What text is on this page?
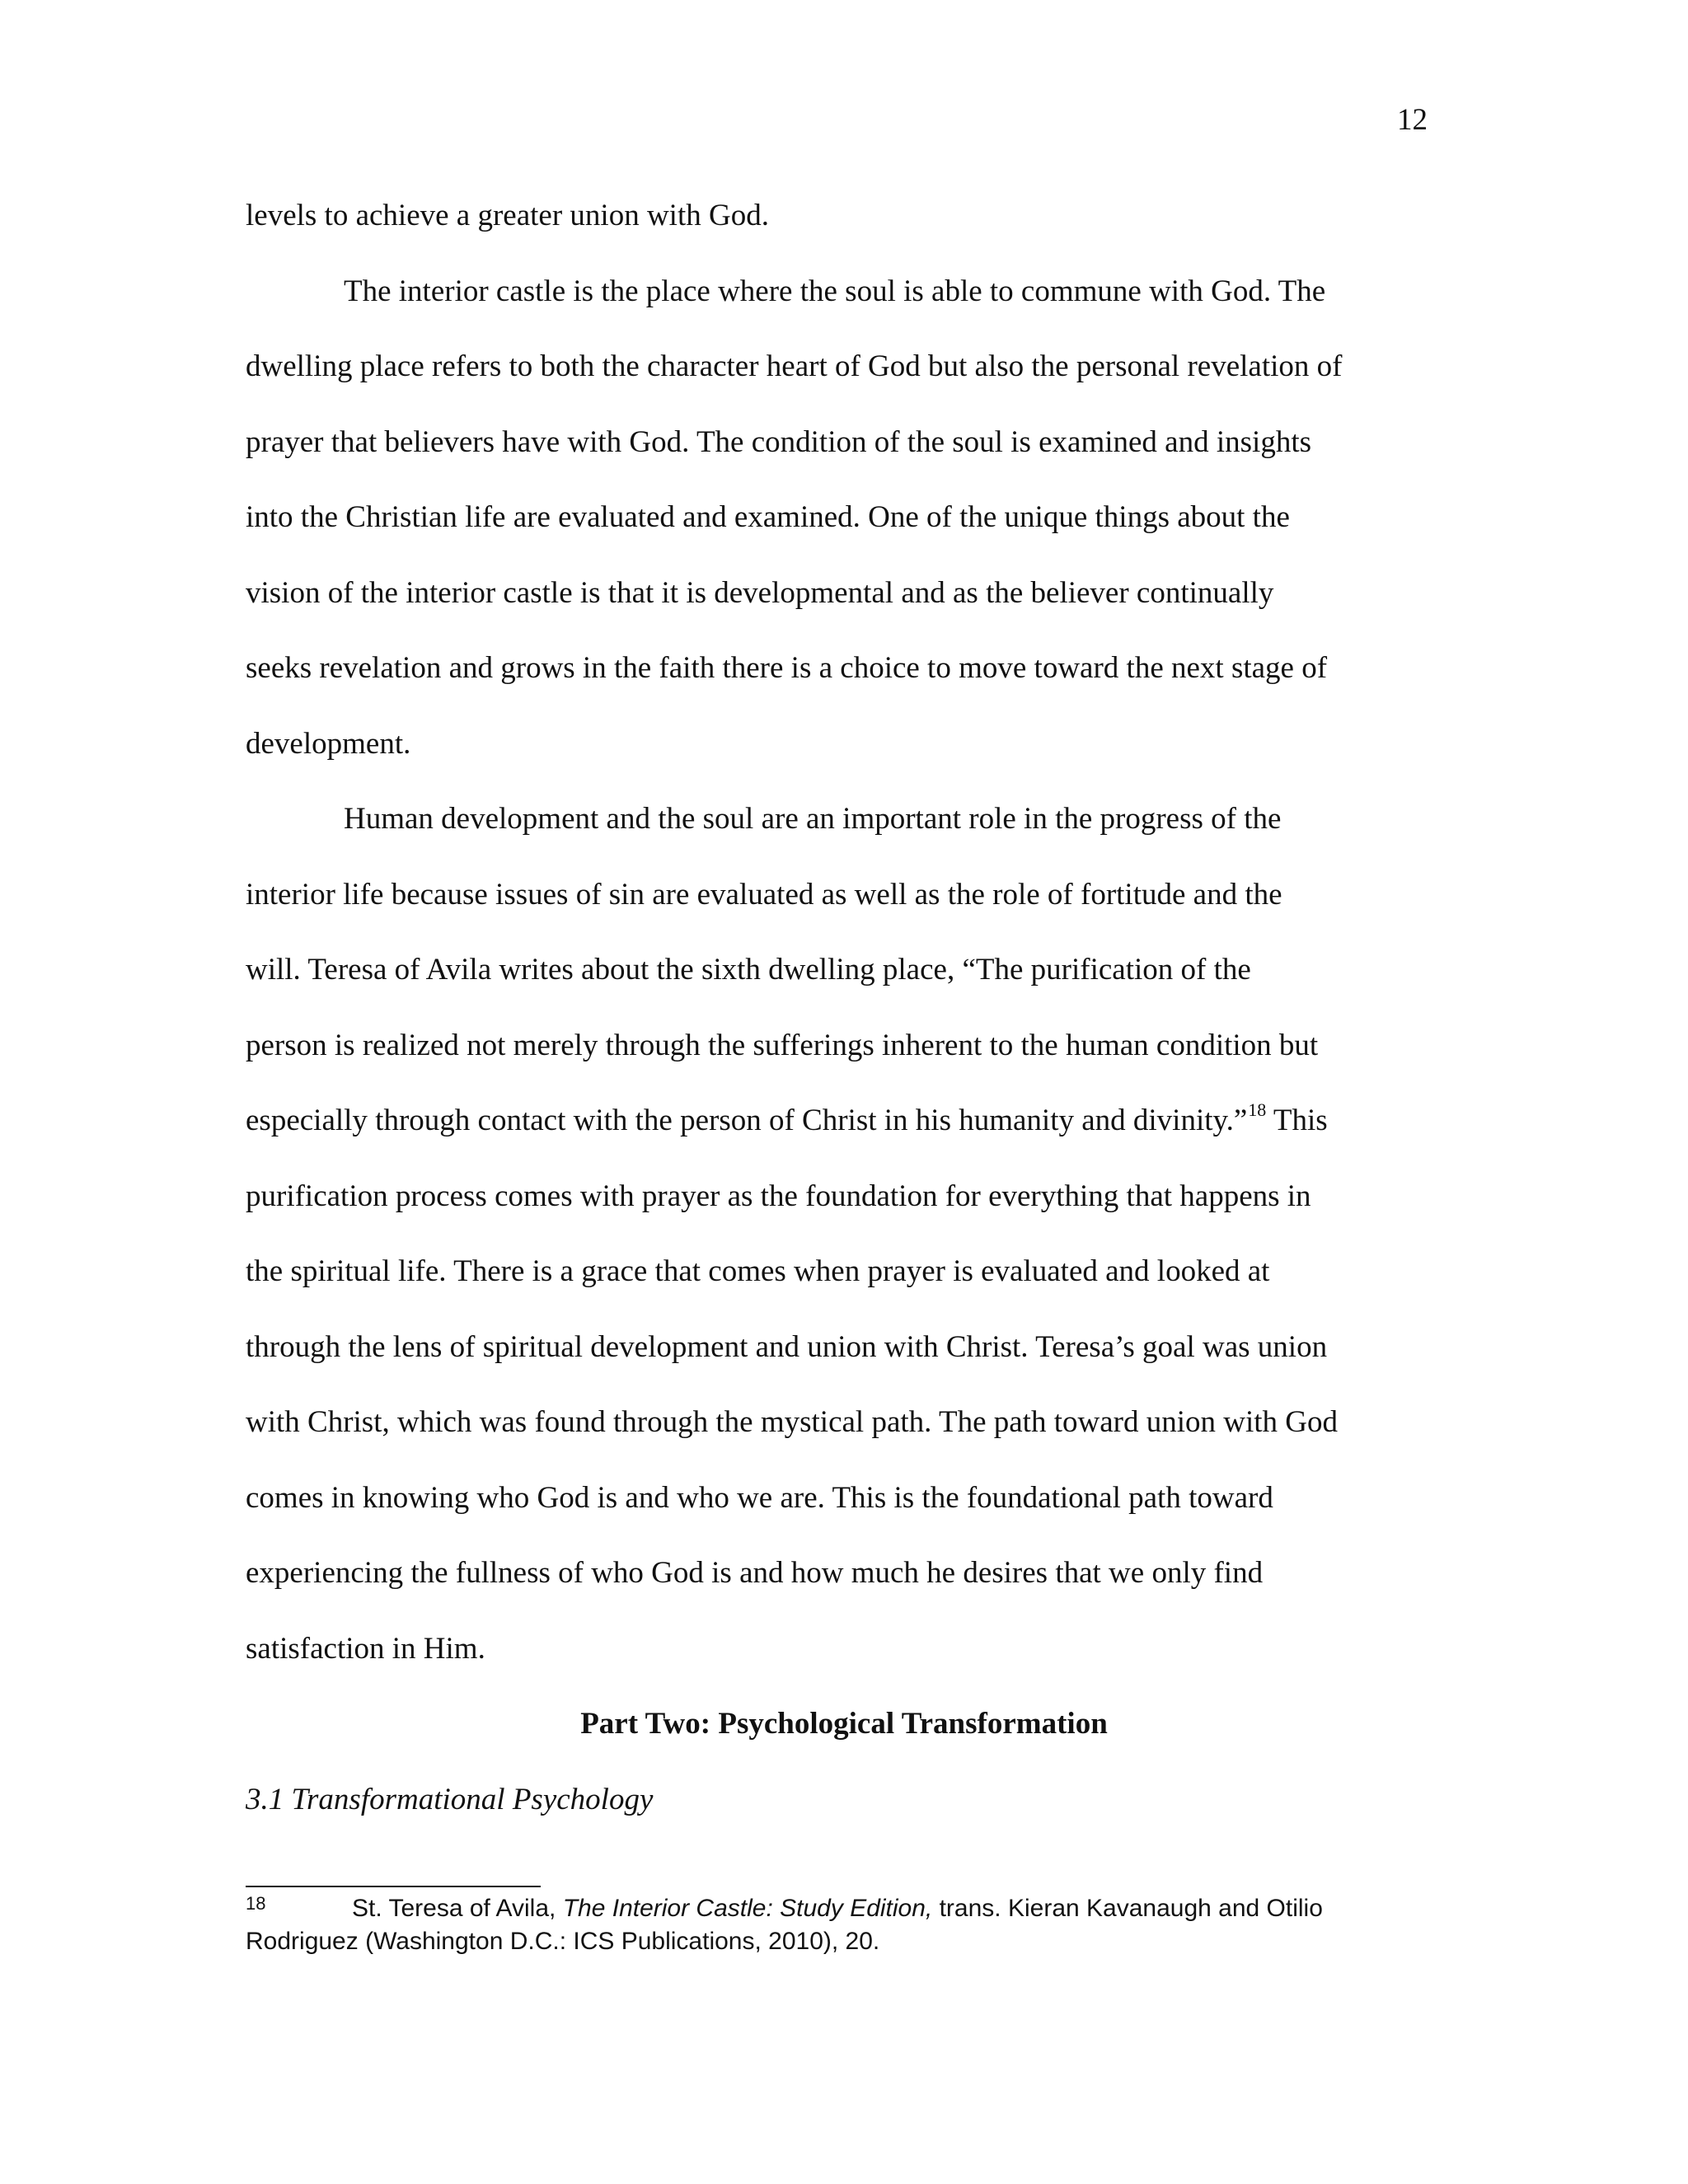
12
levels to achieve a greater union with God.
The interior castle is the place where the soul is able to commune with God. The
dwelling place refers to both the character heart of God but also the personal revelation of
prayer that believers have with God. The condition of the soul is examined and insights
into the Christian life are evaluated and examined. One of the unique things about the
vision of the interior castle is that it is developmental and as the believer continually
seeks revelation and grows in the faith there is a choice to move toward the next stage of
development.
Human development and the soul are an important role in the progress of the
interior life because issues of sin are evaluated as well as the role of fortitude and the
will. Teresa of Avila writes about the sixth dwelling place, “The purification of the
person is realized not merely through the sufferings inherent to the human condition but
especially through contact with the person of Christ in his humanity and divinity.”$^{18}$ This
purification process comes with prayer as the foundation for everything that happens in
the spiritual life. There is a grace that comes when prayer is evaluated and looked at
through the lens of spiritual development and union with Christ. Teresa’s goal was union
with Christ, which was found through the mystical path. The path toward union with God
comes in knowing who God is and who we are. This is the foundational path toward
experiencing the fullness of who God is and how much he desires that we only find
satisfaction in Him.
Part Two: Psychological Transformation
3.1 Transformational Psychology
18	St. Teresa of Avila, The Interior Castle: Study Edition, trans. Kieran Kavanaugh and Otilio
Rodriguez (Washington D.C.: ICS Publications, 2010), 20.
